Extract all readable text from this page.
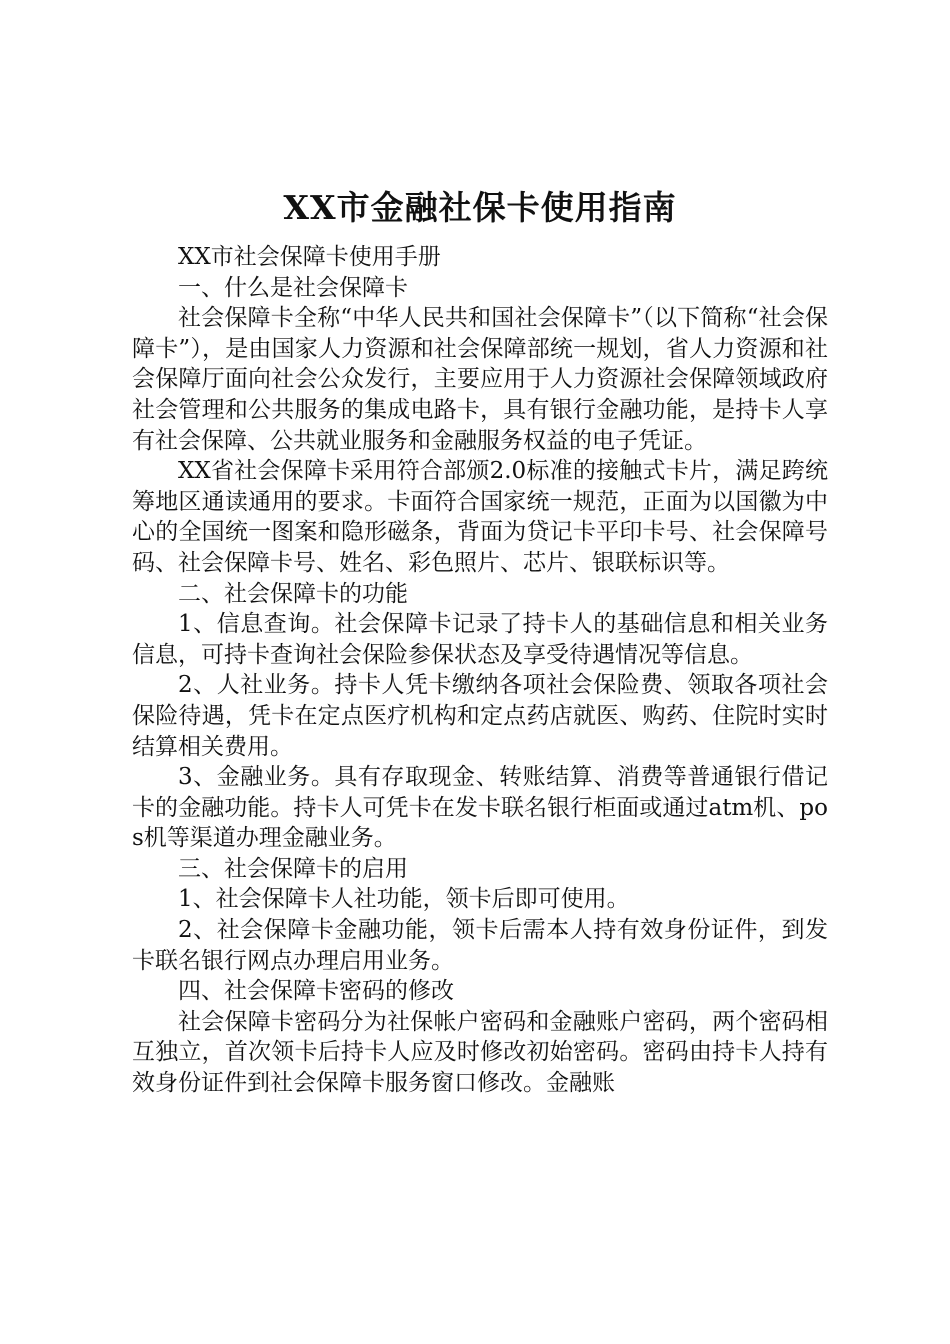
XX市金融社保卡使用指南

XX市社会保障卡使用手册

一、什么是社会保障卡

社会保障卡全称“中华人民共和国社会保障卡”（以下简称“社会保障卡”），是由国家人力资源和社会保障部统一规划，省人力资源和社会保障厅面向社会公众发行，主要应用于人力资源社会保障领域政府社会管理和公共服务的集成电路卡，具有银行金融功能，是持卡人享有社会保障、公共就业服务和金融服务权益的电子凭证。

XX省社会保障卡采用符合部颁2.0标准的接触式卡片，满足跨统筹地区通读通用的要求。卡面符合国家统一规范，正面为以国徽为中心的全国统一图案和隐形磁条，背面为贷记卡平印卡号、社会保障号码、社会保障卡号、姓名、彩色照片、芯片、银联标识等。

二、社会保障卡的功能

1、信息查询。社会保障卡记录了持卡人的基础信息和相关业务信息，可持卡查询社会保险参保状态及享受待遇情况等信息。

2、人社业务。持卡人凭卡缴纳各项社会保险费、领取各项社会保险待遇，凭卡在定点医疗机构和定点药店就医、购药、住院时实时结算相关费用。

3、金融业务。具有存取现金、转账结算、消费等普通银行借记卡的金融功能。持卡人可凭卡在发卡联名银行柜面或通过atm机、pos机等渠道办理金融业务。

三、社会保障卡的启用

1、社会保障卡人社功能，领卡后即可使用。

2、社会保障卡金融功能，领卡后需本人持有效身份证件，到发卡联名银行网点办理启用业务。

四、社会保障卡密码的修改

社会保障卡密码分为社保帐户密码和金融账户密码，两个密码相互独立，首次领卡后持卡人应及时修改初始密码。密码由持卡人持有效身份证件到社会保障卡服务窗口修改。金融账
